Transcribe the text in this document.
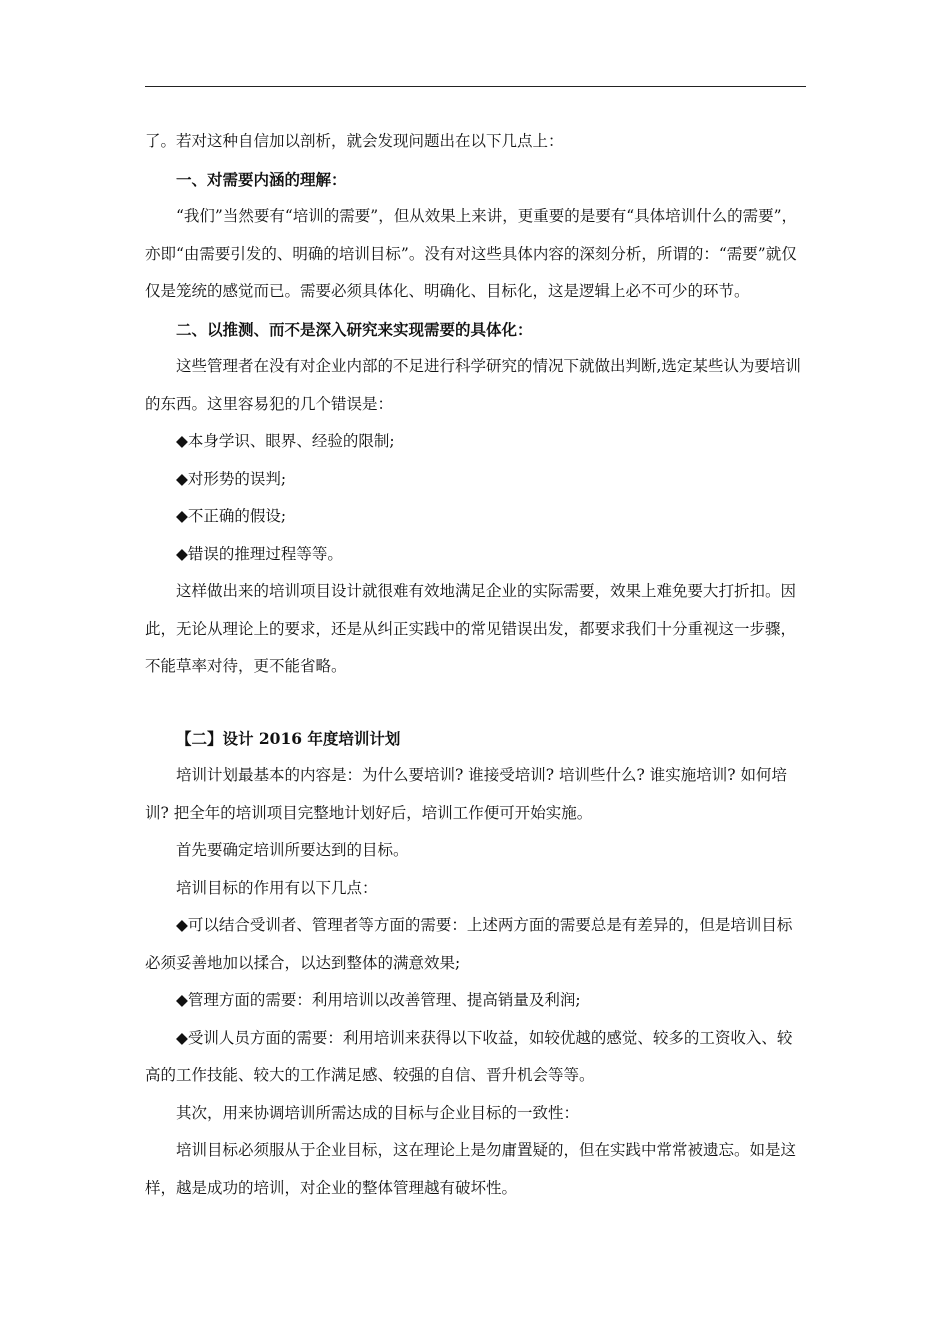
了。若对这种自信加以剖析，就会发现问题出在以下几点上：

一、对需要内涵的理解：

“我们”当然要有“培训的需要”，但从效果上来讲，更重要的是要有“具体培训什么的需要”，亦即“由需要引发的、明确的培训目标”。没有对这些具体内容的深刻分析，所谓的：“需要”就仅仅是笼统的感觉而已。需要必须具体化、明确化、目标化，这是逻辑上必不可少的环节。

二、以推测、而不是深入研究来实现需要的具体化：

这些管理者在没有对企业内部的不足进行科学研究的情况下就做出判断,选定某些认为要培训的东西。这里容易犯的几个错误是：

◆本身学识、眼界、经验的限制;

◆对形势的误判;

◆不正确的假设;

◆错误的推理过程等等。

这样做出来的培训项目设计就很难有效地满足企业的实际需要，效果上难免要大打折扣。因此，无论从理论上的要求，还是从纠正实践中的常见错误出发，都要求我们十分重视这一步骤，不能草率对待，更不能省略。

【二】设计 2016 年度培训计划

培训计划最基本的内容是：为什么要培训? 谁接受培训? 培训些什么? 谁实施培训? 如何培训? 把全年的培训项目完整地计划好后，培训工作便可开始实施。

首先要确定培训所要达到的目标。

培训目标的作用有以下几点：

◆可以结合受训者、管理者等方面的需要：上述两方面的需要总是有差异的，但是培训目标必须妥善地加以揉合，以达到整体的满意效果;

◆管理方面的需要：利用培训以改善管理、提高销量及利润;

◆受训人员方面的需要：利用培训来获得以下收益，如较优越的感觉、较多的工资收入、较高的工作技能、较大的工作满足感、较强的自信、晋升机会等等。

其次，用来协调培训所需达成的目标与企业目标的一致性：

培训目标必须服从于企业目标，这在理论上是勿庸置疑的，但在实践中常常被遗忘。如是这样，越是成功的培训，对企业的整体管理越有破坏性。
